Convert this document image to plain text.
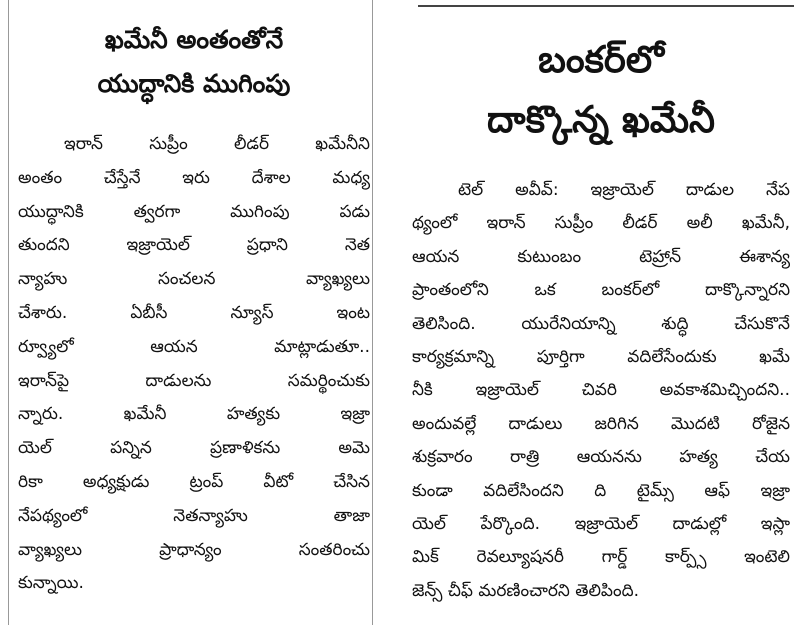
ఖమేనీ అంతంతోనే
యుద్ధానికి ముగింపు
ఇరాన్ సుప్రీం లీడర్ ఖమేనీని
అంతం చేస్తేనే ఇరు దేశాల మధ్య
యుద్ధానికి త్వరగా ముగింపు పడు
తుందని ఇజ్రాయెల్ ప్రధాని నెత
న్యాహు సంచలన వ్యాఖ్యలు
చేశారు. ఏబీసీ న్యూస్ ఇంట
ర్వ్యూలో ఆయన మాట్లాడుతూ..
ఇరాన్‌పై దాడులను సమర్థించుకు
న్నారు. ఖమేనీ హత్యకు ఇజ్రా
యెల్ పన్నిన ప్రణాళికను అమె
రికా అధ్యక్షుడు ట్రంప్ వీటో చేసిన
నేపథ్యంలో నెతన్యాహు తాజా
వ్యాఖ్యలు ప్రాధాన్యం సంతరించు
కున్నాయి.
బంకర్‌లో
దాక్కొన్న ఖమేనీ
టెల్ అవీవ్: ఇజ్రాయెల్ దాడుల నేప
థ్యంలో ఇరాన్ సుప్రీం లీడర్ అలీ ఖమేనీ,
ఆయన కుటుంబం టెహ్రాన్ ఈశాన్య
ప్రాంతంలోని ఒక బంకర్‌లో దాక్కొన్నారని
తెలిసింది. యురేనియాన్ని శుద్ధి చేసుకొనే
కార్యక్రమాన్ని పూర్తిగా వదిలేసేందుకు ఖమే
నీకి ఇజ్రాయెల్ చివరి అవకాశమిచ్చిందని..
అందువల్లే దాడులు జరిగిన మొదటి రోజైన
శుక్రవారం రాత్రి ఆయనను హత్య చేయ
కుండా వదిలేసిందని ది టైమ్స్ ఆఫ్ ఇజ్రా
యెల్ పేర్కొంది. ఇజ్రాయెల్ దాడుల్లో ఇస్లా
మిక్ రెవల్యూషనరీ గార్డ్ కార్ప్స్ ఇంటెలి
జెన్స్ చీఫ్ మరణించారని తెలిపింది.
